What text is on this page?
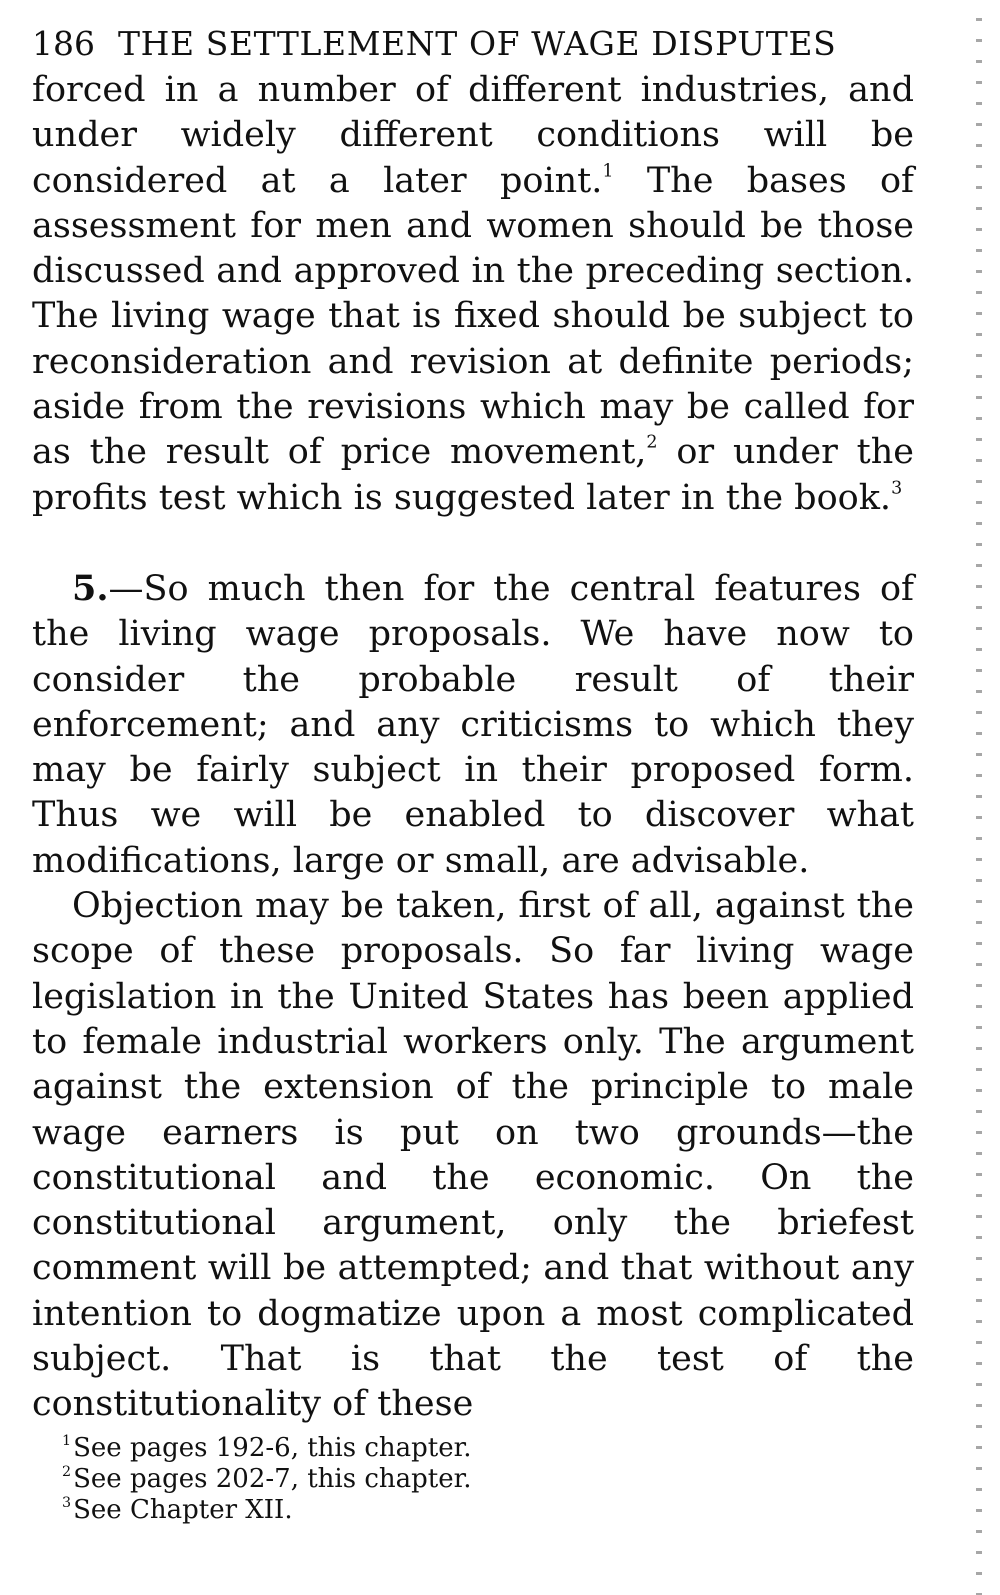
186 THE SETTLEMENT OF WAGE DISPUTES

forced in a number of different industries, and under widely different conditions will be considered at a later point.$^1$ The bases of assessment for men and women should be those discussed and approved in the preceding section. The living wage that is fixed should be subject to reconsideration and revision at definite periods; aside from the revisions which may be called for as the result of price movement,$^2$ or under the profits test which is suggested later in the book.$^3$

5.—So much then for the central features of the living wage proposals. We have now to consider the probable result of their enforcement; and any criticisms to which they may be fairly subject in their proposed form. Thus we will be enabled to discover what modifications, large or small, are advisable.

Objection may be taken, first of all, against the scope of these proposals. So far living wage legislation in the United States has been applied to female industrial workers only. The argument against the extension of the principle to male wage earners is put on two grounds—the constitutional and the economic. On the constitutional argument, only the briefest comment will be attempted; and that without any intention to dogmatize upon a most complicated subject. That is that the test of the constitutionality of these

$^1$See pages 192-6, this chapter.
$^2$See pages 202-7, this chapter.
$^3$See Chapter XII.
